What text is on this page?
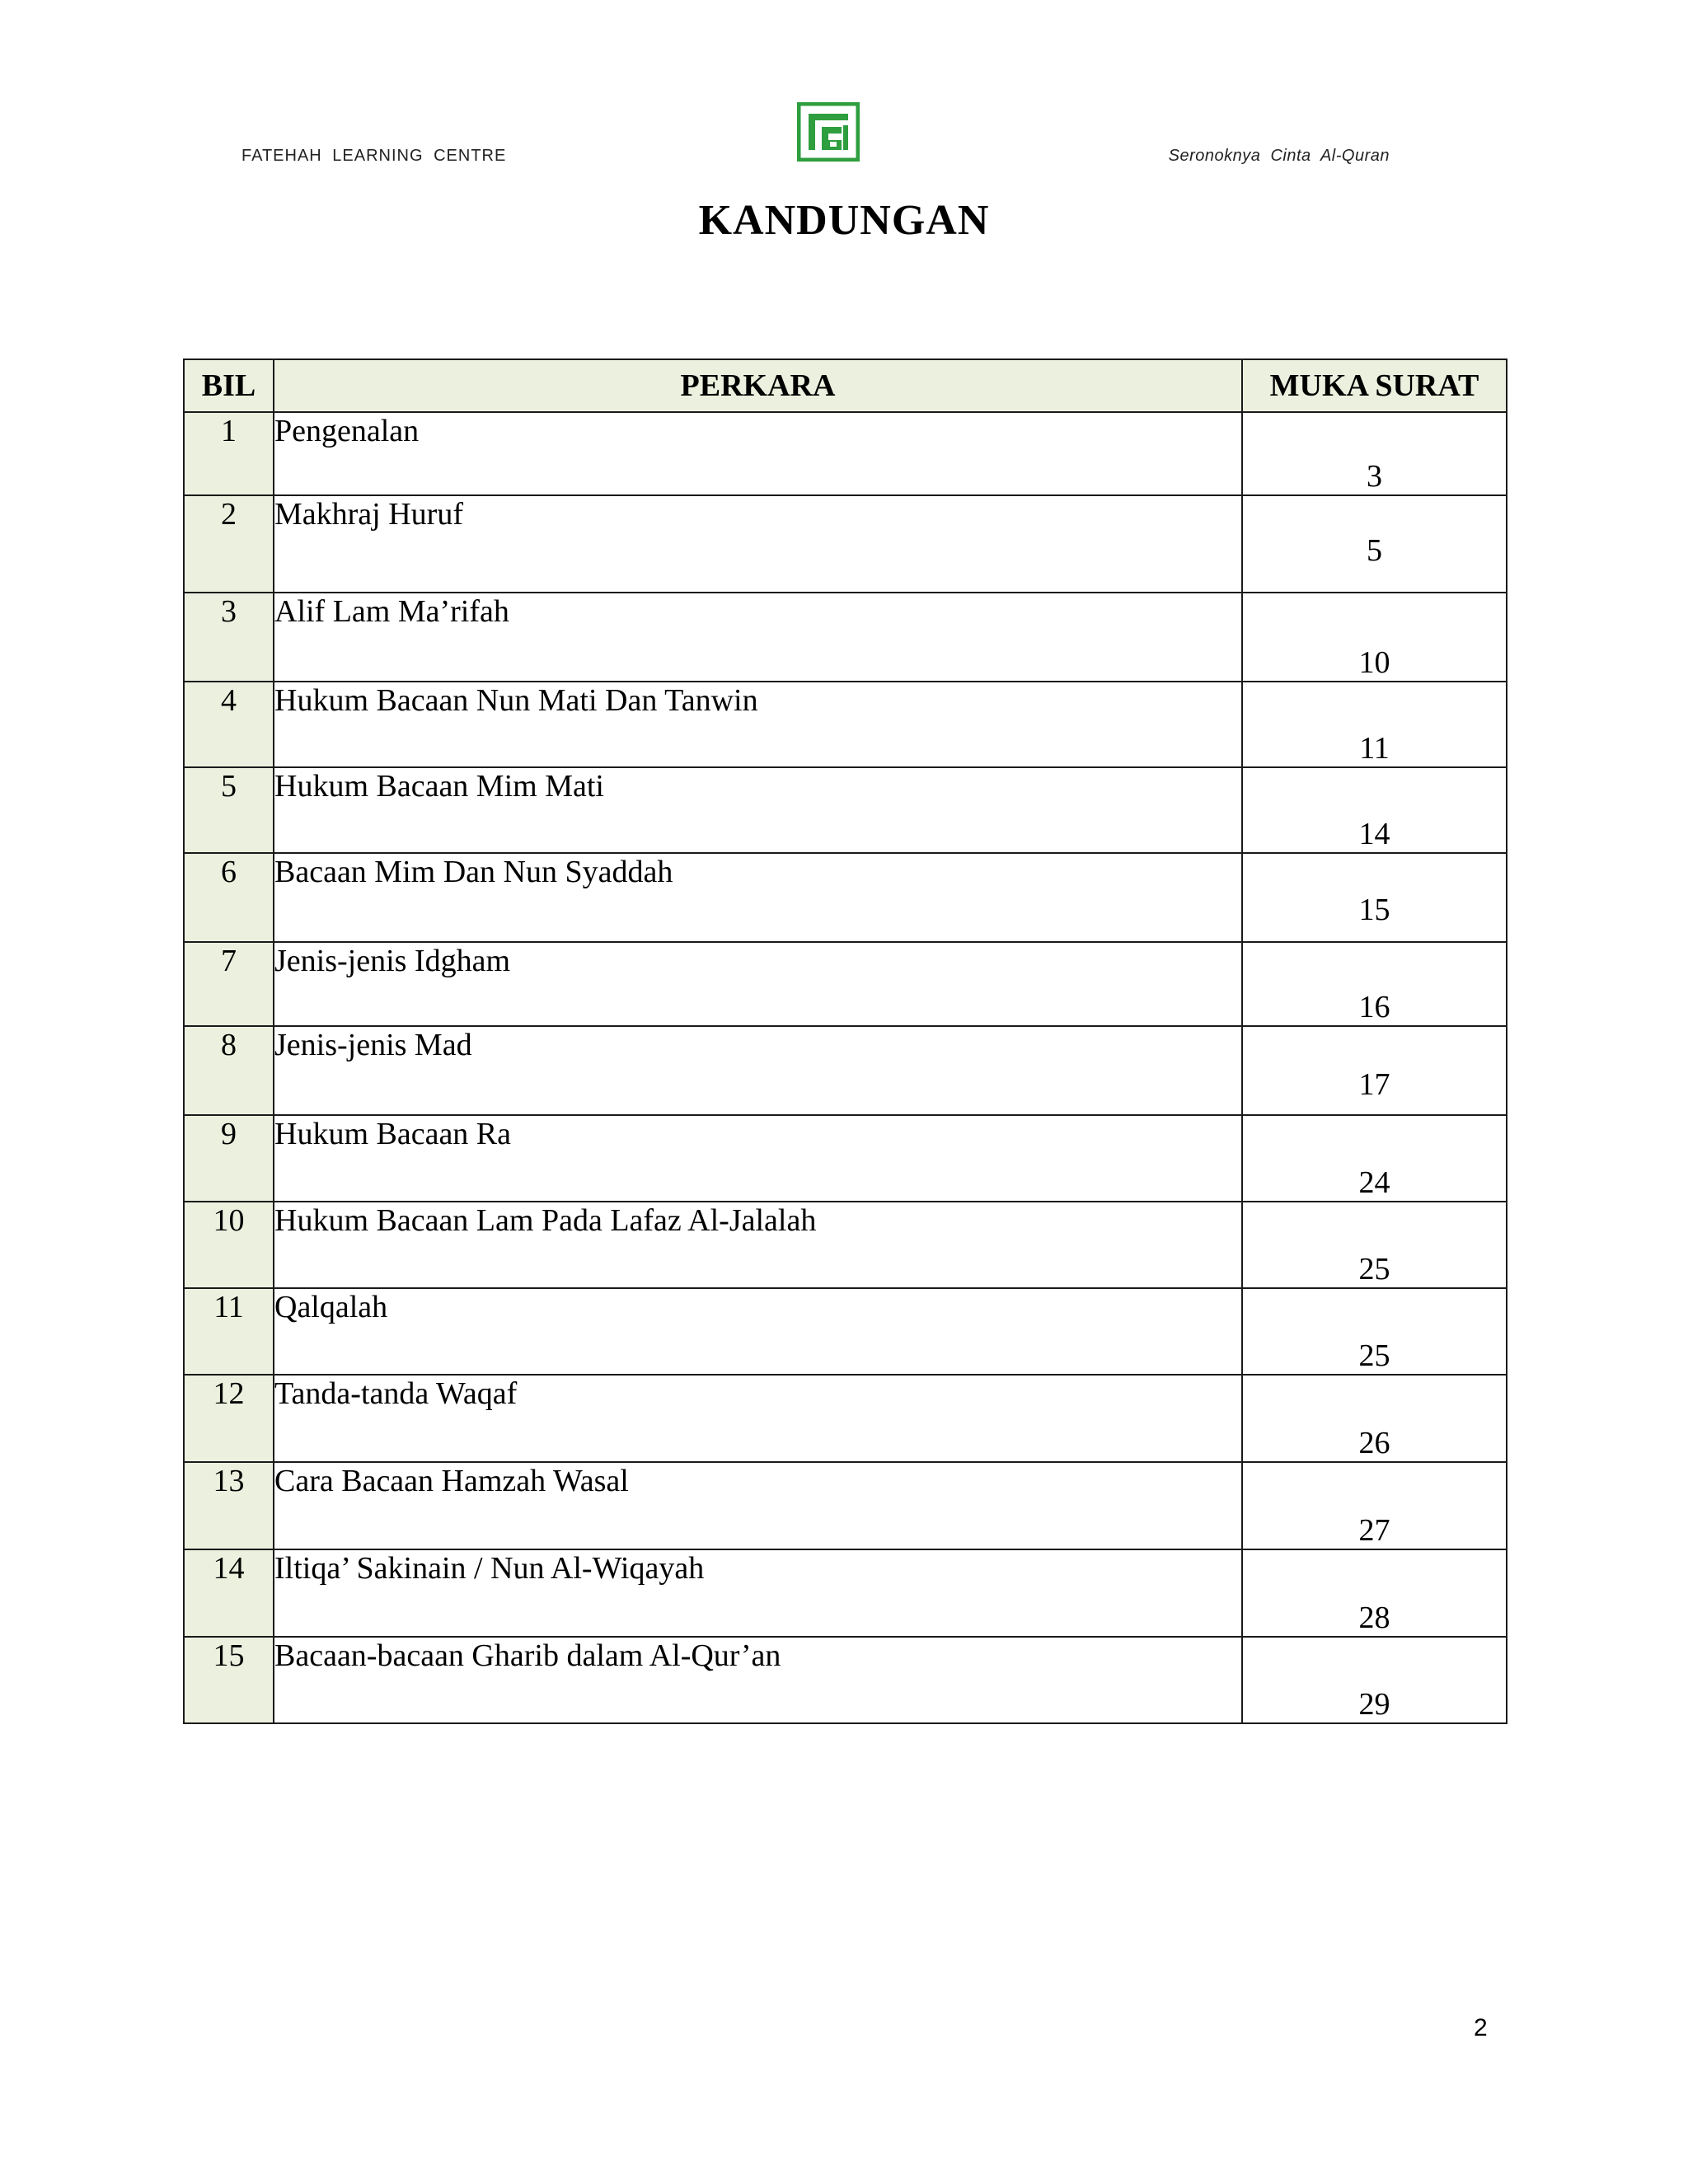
FATEHAH LEARNING CENTRE	Seronoknya Cinta Al-Quran
KANDUNGAN
BIL	PERKARA	MUKA SURAT
1	Pengenalan	3
2	Makhraj Huruf	5
3	Alif Lam Ma’rifah	10
4	Hukum Bacaan Nun Mati Dan Tanwin	11
5	Hukum Bacaan Mim Mati	14
6	Bacaan Mim Dan Nun Syaddah	15
7	Jenis-jenis Idgham	16
8	Jenis-jenis Mad	17
9	Hukum Bacaan Ra	24
10	Hukum Bacaan Lam Pada Lafaz Al-Jalalah	25
11	Qalqalah	25
12	Tanda-tanda Waqaf	26
13	Cara Bacaan Hamzah Wasal	27
14	Iltiqa’ Sakinain / Nun Al-Wiqayah	28
15	Bacaan-bacaan Gharib dalam Al-Qur’an	29
2
